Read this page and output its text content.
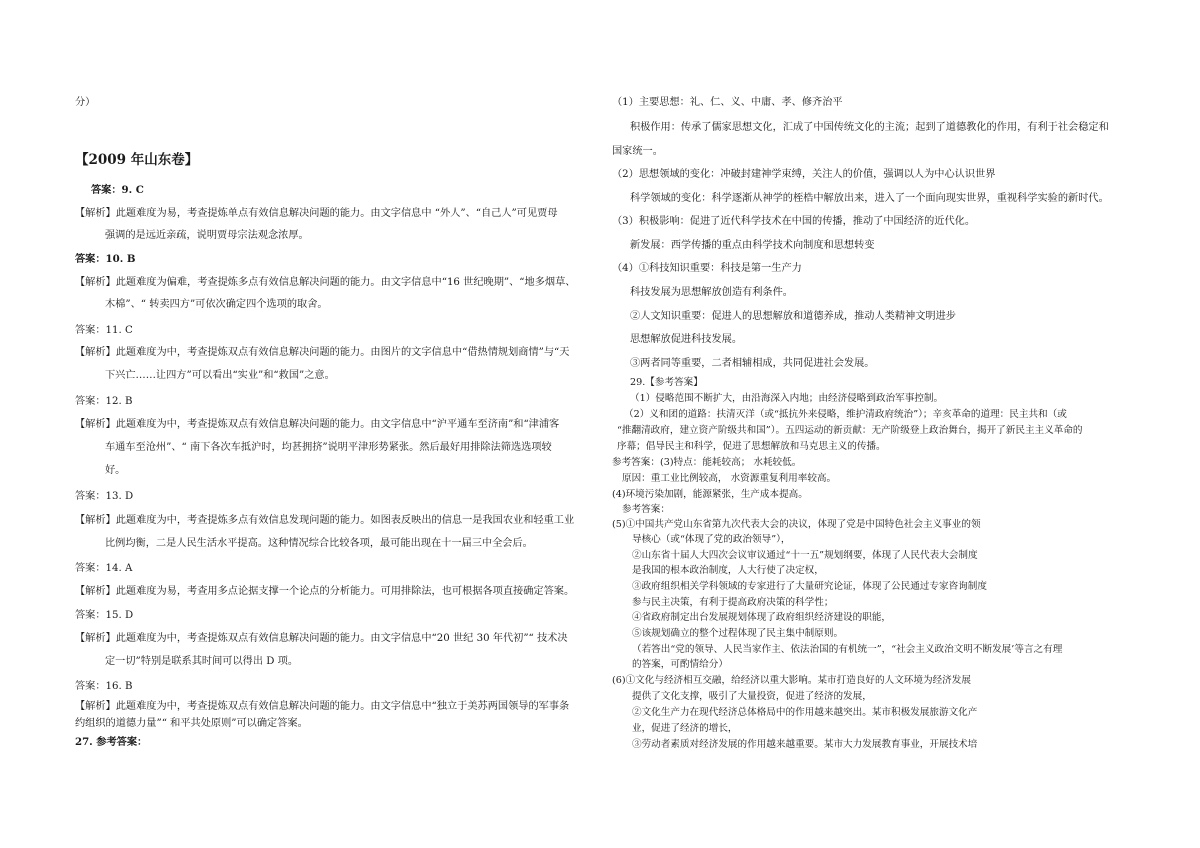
分）
【2009 年山东卷】
答案：9. C
【解析】此题难度为易，考查提炼单点有效信息解决问题的能力。由文字信息中 “外人”、“自己人”可见贾母
强调的是远近亲疏，说明贾母宗法观念浓厚。
答案：10. B
【解析】此题难度为偏难，考查提炼多点有效信息解决问题的能力。由文字信息中“16 世纪晚期”、“地多烟草、
木棉”、“ 转卖四方”可依次确定四个选项的取舍。
答案：11. C
【解析】此题难度为中，考查提炼双点有效信息解决问题的能力。由图片的文字信息中“借热情规划商情”与“天
下兴亡……让四方”可以看出“实业”和“救国”之意。
答案：12. B
【解析】此题难度为中，考查提炼双点有效信息解决问题的能力。由文字信息中“沪平通车至济南”和“津浦客
车通车至沧州”、“ 南下各次车抵沪时，均甚拥挤”说明平津形势紧张。然后最好用排除法筛选选项较
好。
答案：13. D
【解析】此题难度为中，考查提炼多点有效信息发现问题的能力。如图表反映出的信息一是我国农业和轻重工业
比例均衡，二是人民生活水平提高。这种情况综合比较各项，最可能出现在十一届三中全会后。
答案：14. A
【解析】此题难度为易，考查用多点论据支撑一个论点的分析能力。可用排除法，也可根据各项直接确定答案。
答案：15. D
【解析】此题难度为中，考查提炼双点有效信息解决问题的能力。由文字信息中“20 世纪 30 年代初”“ 技术决
定一切”特别是联系其时间可以得出 D 项。
答案：16. B
【解析】此题难度为中，考查提炼双点有效信息解决问题的能力。由文字信息中“独立于美苏两国领导的军事条
约组织的道德力量”“ 和平共处原则”可以确定答案。
27. 参考答案：
（1）主要思想：礼、仁、义、中庸、孝、修齐治平
积极作用：传承了儒家思想文化，汇成了中国传统文化的主流；起到了道德教化的作用，有利于社会稳定和
国家统一。
（2）思想领域的变化：冲破封建神学束缚，关注人的价值，强调以人为中心认识世界
科学领域的变化：科学逐渐从神学的桎梏中解放出来，进入了一个面向现实世界，重视科学实验的新时代。
（3）积极影响：促进了近代科学技术在中国的传播，推动了中国经济的近代化。
新发展：西学传播的重点由科学技术向制度和思想转变
（4）①科技知识重要：科技是第一生产力
科技发展为思想解放创造有利条件。
②人文知识重要：促进人的思想解放和道德养成，推动人类精神文明进步
思想解放促进科技发展。
③两者同等重要，二者相辅相成，共同促进社会发展。
29.【参考答案】
（1）侵略范围不断扩大，由沿海深入内地；由经济侵略到政治军事控制。
（2）义和团的道路：扶清灭洋（或“抵抗外来侵略，维护清政府统治”）；辛亥革命的道理：民主共和（或
“推翻清政府，建立资产阶级共和国”）。五四运动的新贡献：无产阶级登上政治舞台，揭开了新民主主义革命的
序幕；倡导民主和科学，促进了思想解放和马克思主义的传播。
参考答案：(3)特点：能耗较高； 水耗较低。
原因：重工业比例较高， 水资源重复利用率较高。
(4)环境污染加剧，能源紧张，生产成本提高。
参考答案：
(5)①中国共产党山东省第九次代表大会的决议，体现了党是中国特色社会主义事业的领
导核心（或“体现了党的政治领导”），
②山东省十届人大四次会议审议通过“十一五”规划纲要，体现了人民代表大会制度
是我国的根本政治制度，人大行使了决定权，
③政府组织相关学科领域的专家进行了大量研究论证，体现了公民通过专家咨询制度
参与民主决策，有利于提高政府决策的科学性；
④省政府制定出台发展规划体现了政府组织经济建设的职能，
⑤该规划确立的整个过程体现了民主集中制原则。
（若答出“党的领导、人民当家作主、依法治国的有机统一”，“社会主义政治文明不断发展’等言之有理
的答案，可酌情给分）
(6)①文化与经济相互交融，给经济以重大影响。某市打造良好的人文环境为经济发展
提供了文化支撑，吸引了大量投资，促进了经济的发展，
②文化生产力在现代经济总体格局中的作用越来越突出。某市积极发展旅游文化产
业，促进了经济的增长，
③劳动者素质对经济发展的作用越来越重要。某市大力发展教育事业，开展技术培
